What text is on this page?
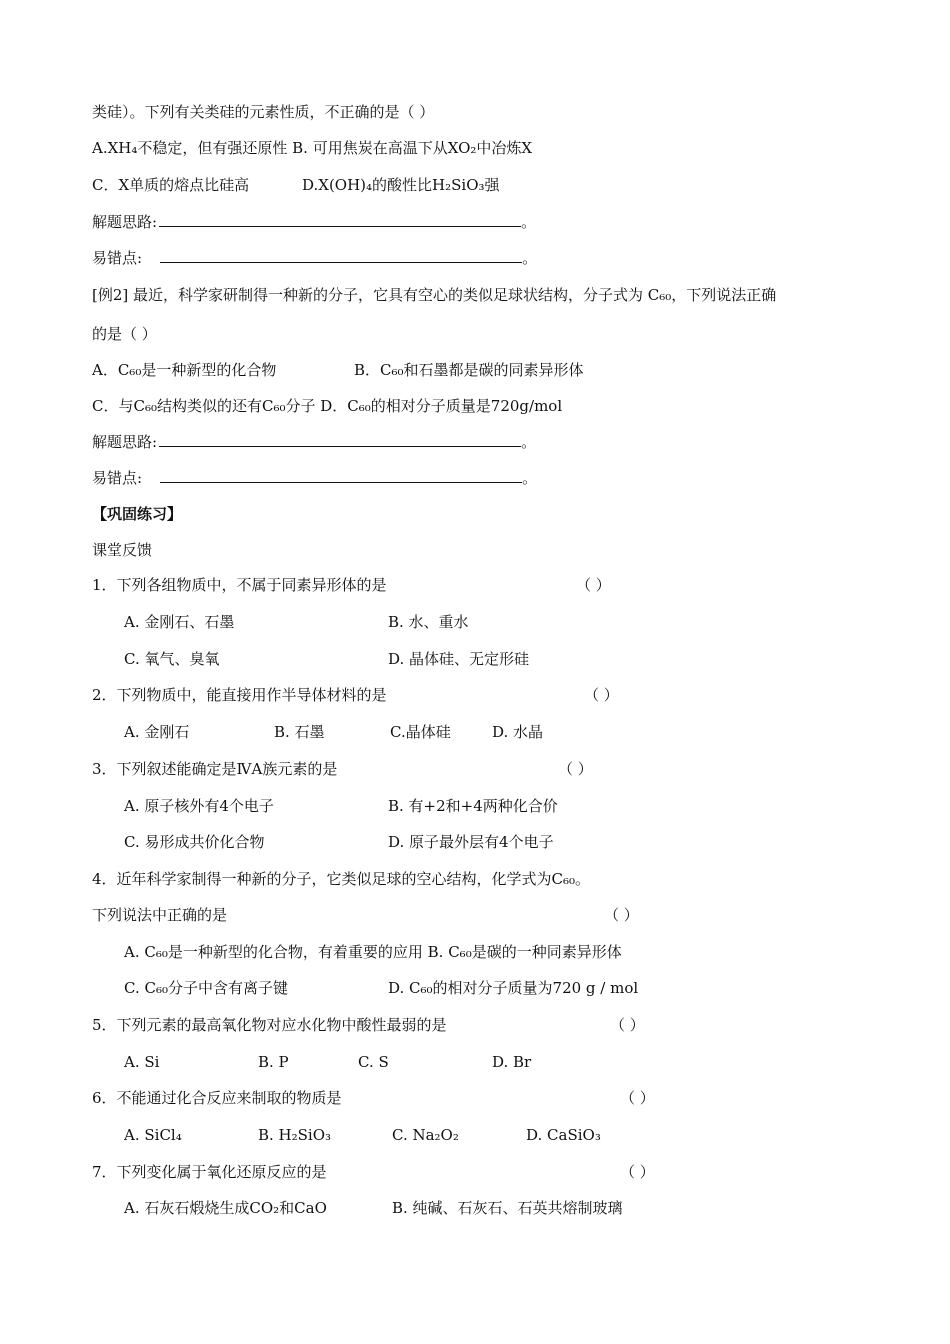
类硅）。下列有关类硅的元素性质，不正确的是（ ）
A.XH₄不稳定，但有强还原性 B. 可用焦炭在高温下从XO₂中冶炼X
C．X单质的熔点比硅高	D.X(OH)₄的酸性比H₂SiO₃强
解题思路:	。
易错点:	。
[例2] 最近，科学家研制得一种新的分子，它具有空心的类似足球状结构，分子式为 C₆₀，下列说法正确
的是（ ）
A．C₆₀是一种新型的化合物	B．C₆₀和石墨都是碳的同素异形体
C．与C₆₀结构类似的还有C₆₀分子 D．C₆₀的相对分子质量是720g/mol
解题思路:	。
易错点:	。
【巩固练习】
课堂反馈
1．下列各组物质中，不属于同素异形体的是	（ ）
A. 金刚石、石墨	B. 水、重水
C. 氧气、臭氧	D. 晶体硅、无定形硅
2．下列物质中，能直接用作半导体材料的是	（ ）
A. 金刚石	B. 石墨	C.晶体硅	D. 水晶
3．下列叙述能确定是ⅣA族元素的是	（ ）
A. 原子核外有4个电子	B. 有+2和+4两种化合价
C. 易形成共价化合物	D. 原子最外层有4个电子
4．近年科学家制得一种新的分子，它类似足球的空心结构，化学式为C₆₀。
下列说法中正确的是	（ ）
A. C₆₀是一种新型的化合物，有着重要的应用 B. C₆₀是碳的一种同素异形体
C. C₆₀分子中含有离子键	D. C₆₀的相对分子质量为720 g / mol
5．下列元素的最高氧化物对应水化物中酸性最弱的是	（ ）
A. Si	B. P	C. S	D. Br
6．不能通过化合反应来制取的物质是	（ ）
A. SiCl₄	B. H₂SiO₃	C. Na₂O₂	D. CaSiO₃
7．下列变化属于氧化还原反应的是	（ ）
A. 石灰石煅烧生成CO₂和CaO	B. 纯碱、石灰石、石英共熔制玻璃
